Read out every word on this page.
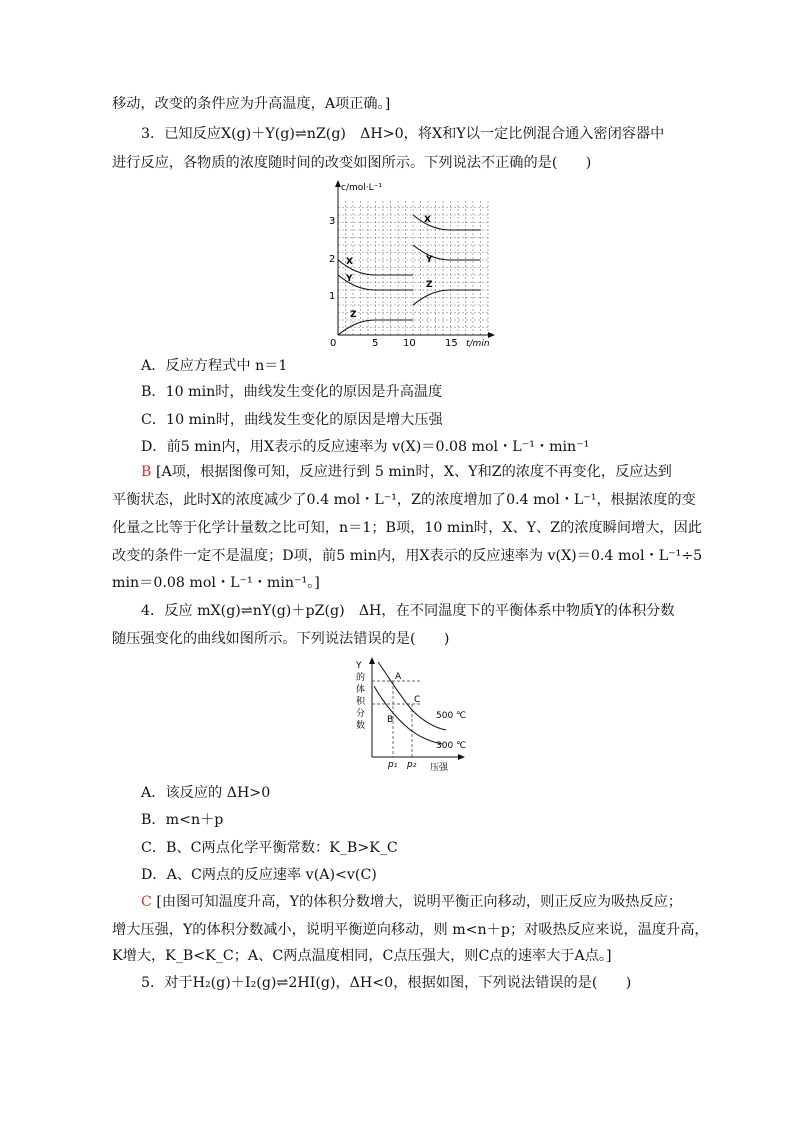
移动，改变的条件应为升高温度，A项正确。]
3．已知反应X(g)＋Y(g)⇌nZ(g)　ΔH>0，将X和Y以一定比例混合通入密闭容器中
进行反应，各物质的浓度随时间的改变如图所示。下列说法不正确的是(　　)
c/mol·L⁻¹
t/min
0
1
2
3
5 10	15
X
Y
Z
X
Y
Z
A．反应方程式中 n＝1
B．10 min时，曲线发生变化的原因是升高温度
C．10 min时，曲线发生变化的原因是增大压强
D．前5 min内，用X表示的反应速率为 v(X)＝0.08 mol・L⁻¹・min⁻¹
B [A项，根据图像可知，反应进行到 5 min时，X、Y和Z的浓度不再变化，反应达到
平衡状态，此时X的浓度减少了0.4 mol・L⁻¹，Z的浓度增加了0.4 mol・L⁻¹，根据浓度的变
化量之比等于化学计量数之比可知，n＝1；B项，10 min时，X、Y、Z的浓度瞬间增大，因此
改变的条件一定不是温度；D项，前5 min内，用X表示的反应速率为 v(X)＝0.4 mol・L⁻¹÷5
min＝0.08 mol・L⁻¹・min⁻¹。]
4．反应 mX(g)⇌nY(g)＋pZ(g)　ΔH，在不同温度下的平衡体系中物质Y的体积分数
随压强变化的曲线如图所示。下列说法错误的是(　　)
Y
的
体
积
分
数
A
B
C
500 ℃
300 ℃
p₁ p₂ 压强
A．该反应的 ΔH>0
B．m<n＋p
C．B、C两点化学平衡常数：K_B>K_C
D．A、C两点的反应速率 v(A)<v(C)
C [由图可知温度升高，Y的体积分数增大，说明平衡正向移动，则正反应为吸热反应；
增大压强，Y的体积分数减小，说明平衡逆向移动，则 m<n＋p；对吸热反应来说，温度升高，
K增大，K_B<K_C；A、C两点温度相同，C点压强大，则C点的速率大于A点。]
5．对于H₂(g)＋I₂(g)⇌2HI(g)，ΔH<0，根据如图，下列说法错误的是(　　)
